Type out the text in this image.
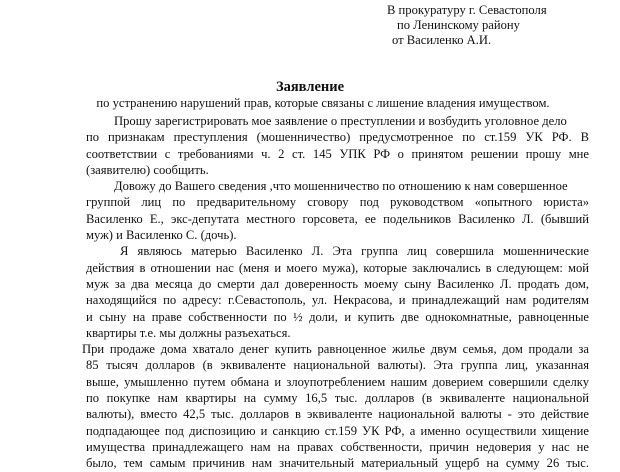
В прокуратуру г. Севастополя
по Ленинскому району
от Василенко А.И.
Заявление
по устранению нарушений прав, которые связаны с лишение владения имуществом.
Прошу зарегистрировать мое заявление о преступлении и возбудить уголовное дело
по признакам преступления (мошенничество) предусмотренное по ст.159 УК РФ. В
соответствии с требованиями ч. 2 ст. 145 УПК РФ о принятом решении прошу мне
(заявителю) сообщить.
Довожу до Вашего сведения ,что мошенничество по отношению к нам совершенное
группой лиц по предварительному сговору под руководством «опытного юриста»
Василенко Е., экс-депутата местного горсовета, ее подельников Василенко Л. (бывший
муж) и Василенко С. (дочь).
Я являюсь матерью Василенко Л. Эта группа лиц совершила мошеннические
действия в отношении нас (меня и моего мужа), которые заключались в следующем: мой
муж за два месяца до смерти дал доверенность моему сыну Василенко Л. продать дом,
находящийся по адресу: г.Севастополь, ул. Некрасова, и принадлежащий нам родителям
и сыну на праве собственности по ½ доли, и купить две однокомнатные, равноценные
квартиры т.е. мы должны разъехаться.
При продаже дома хватало денег купить равноценное жилье двум семья, дом продали за
85 тысяч долларов (в эквиваленте национальной валюты). Эта группа лиц, указанная
выше, умышленно путем обмана и злоупотреблением нашим доверием совершили сделку
по покупке нам квартиры на сумму 16,5 тыс. долларов (в эквиваленте национальной
валюты), вместо 42,5 тыс. долларов в эквиваленте национальной валюты - это действие
подпадающее под диспозицию и санкцию ст.159 УК РФ, а именно осуществили хищение
имущества принадлежащего нам на правах собственности, причин недоверия у нас не
было, тем самым причинив нам значительный материальный ущерб на сумму 26 тыс.
